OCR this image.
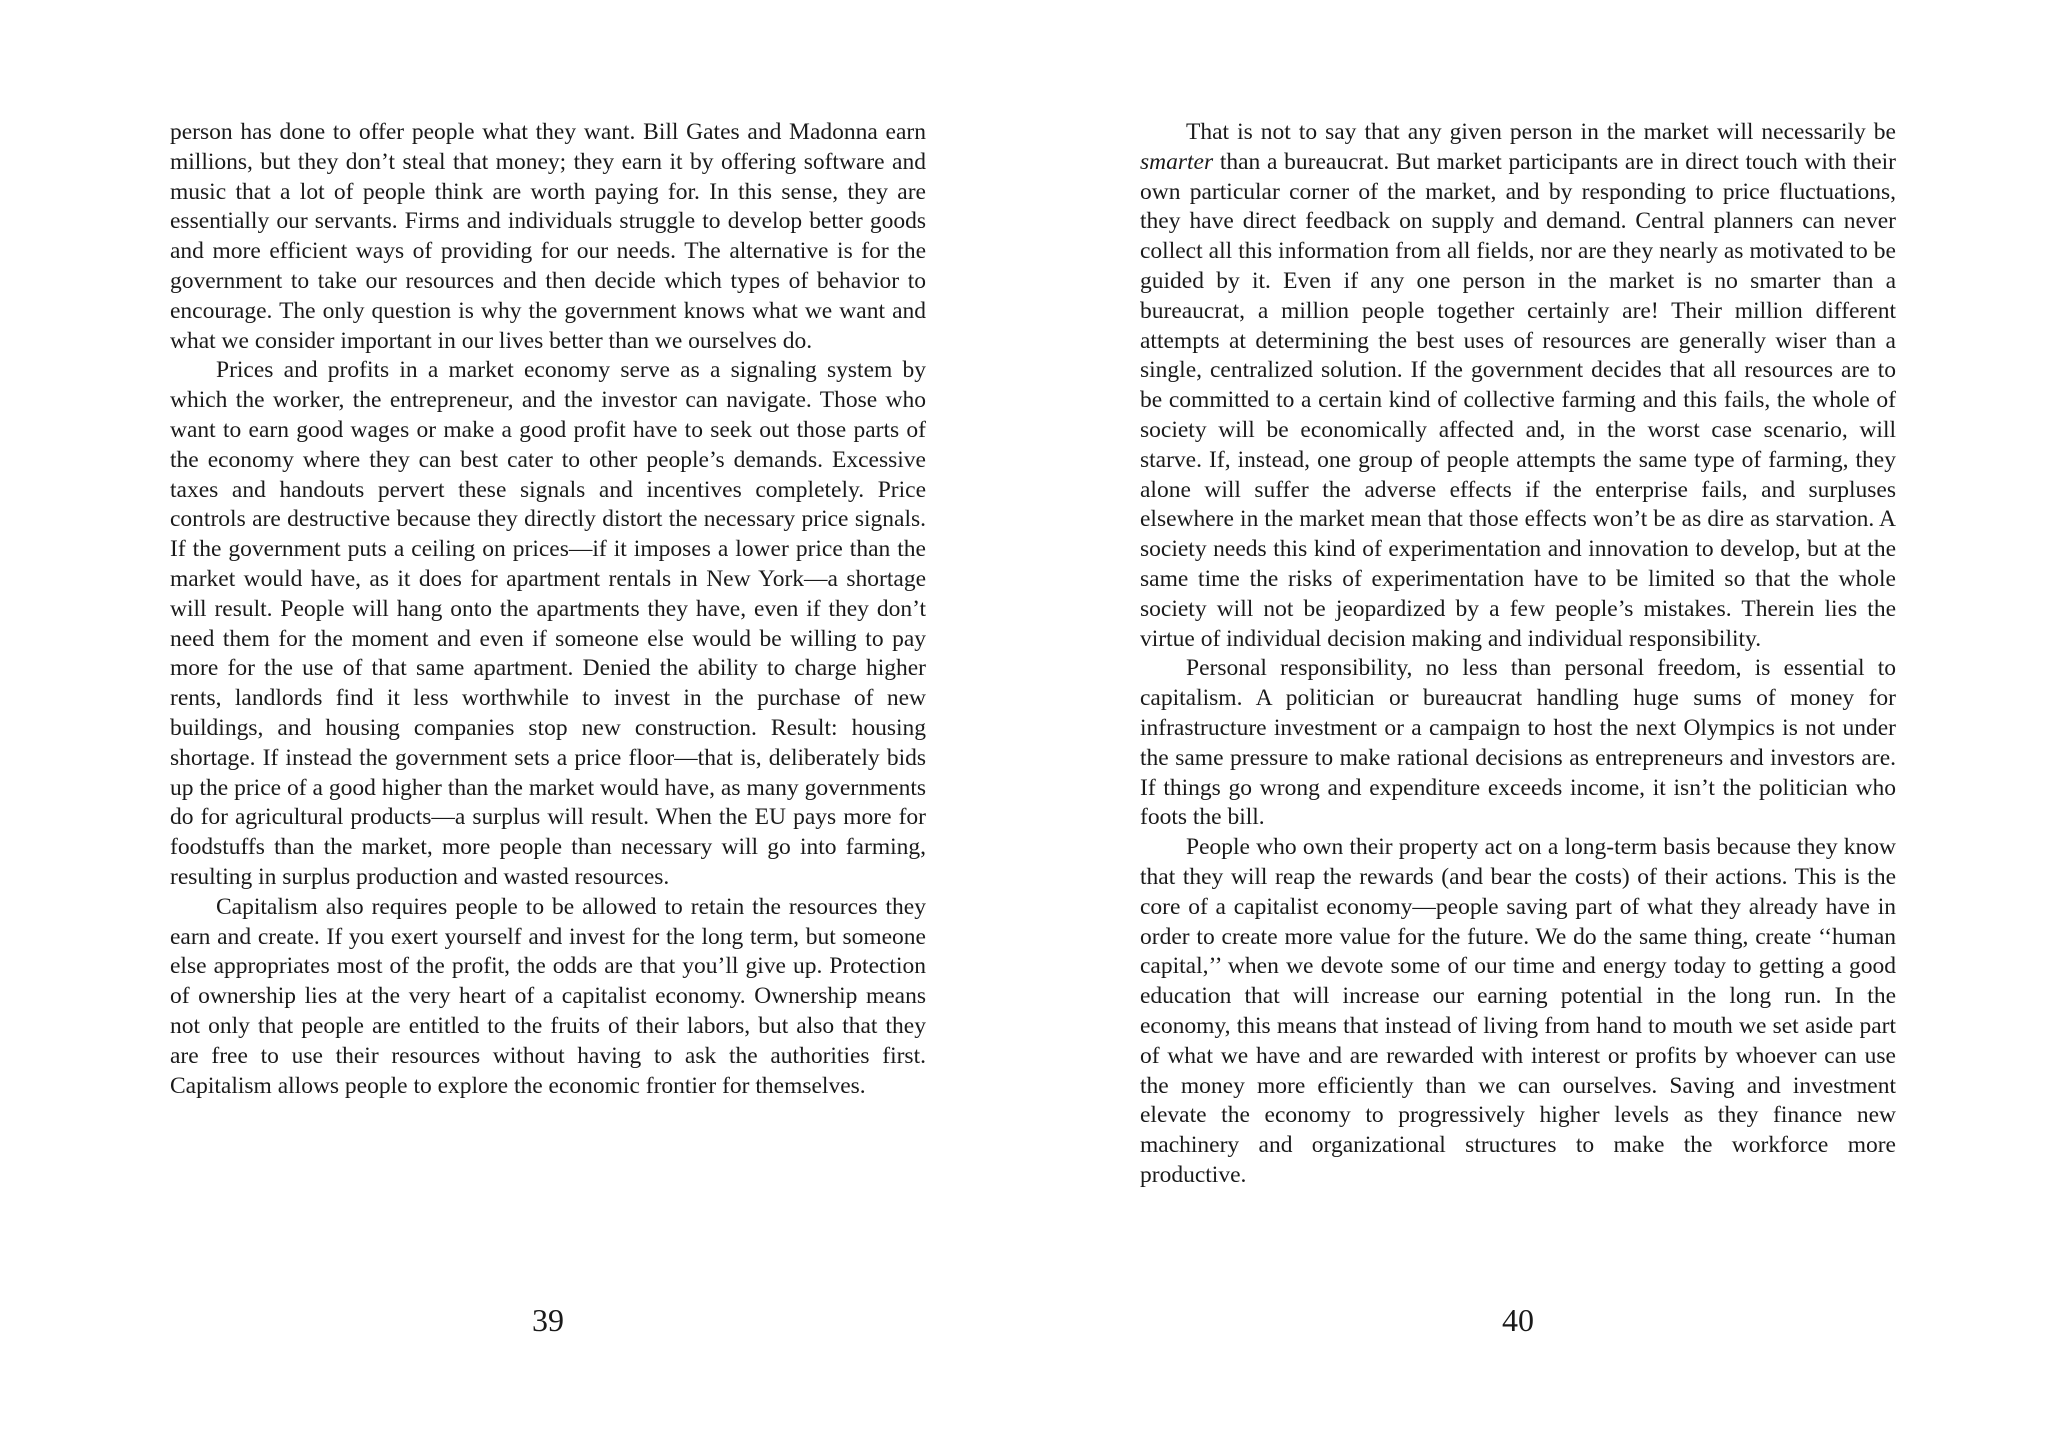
person has done to offer people what they want. Bill Gates and Madonna earn millions, but they don’t steal that money; they earn it by offering software and music that a lot of people think are worth paying for. In this sense, they are essentially our servants. Firms and individuals struggle to develop better goods and more efficient ways of providing for our needs. The alternative is for the government to take our resources and then decide which types of behavior to encourage. The only question is why the government knows what we want and what we consider important in our lives better than we ourselves do.

Prices and profits in a market economy serve as a signaling system by which the worker, the entrepreneur, and the investor can navigate. Those who want to earn good wages or make a good profit have to seek out those parts of the economy where they can best cater to other people’s demands. Excessive taxes and handouts pervert these signals and incentives completely. Price controls are destructive because they directly distort the necessary price signals. If the government puts a ceiling on prices—if it imposes a lower price than the market would have, as it does for apartment rentals in New York—a shortage will result. People will hang onto the apartments they have, even if they don’t need them for the moment and even if someone else would be willing to pay more for the use of that same apartment. Denied the ability to charge higher rents, landlords find it less worthwhile to invest in the purchase of new buildings, and housing companies stop new construction. Result: housing shortage. If instead the government sets a price floor—that is, deliberately bids up the price of a good higher than the market would have, as many governments do for agricultural products—a surplus will result. When the EU pays more for foodstuffs than the market, more people than necessary will go into farming, resulting in surplus production and wasted resources.

Capitalism also requires people to be allowed to retain the resources they earn and create. If you exert yourself and invest for the long term, but someone else appropriates most of the profit, the odds are that you’ll give up. Protection of ownership lies at the very heart of a capitalist economy. Ownership means not only that people are entitled to the fruits of their labors, but also that they are free to use their resources without having to ask the authorities first. Capitalism allows people to explore the economic frontier for themselves.

That is not to say that any given person in the market will necessarily be smarter than a bureaucrat. But market participants are in direct touch with their own particular corner of the market, and by responding to price fluctuations, they have direct feedback on supply and demand. Central planners can never collect all this information from all fields, nor are they nearly as motivated to be guided by it. Even if any one person in the market is no smarter than a bureaucrat, a million people together certainly are! Their million different attempts at determining the best uses of resources are generally wiser than a single, centralized solution. If the government decides that all resources are to be committed to a certain kind of collective farming and this fails, the whole of society will be economically affected and, in the worst case scenario, will starve. If, instead, one group of people attempts the same type of farming, they alone will suffer the adverse effects if the enterprise fails, and surpluses elsewhere in the market mean that those effects won’t be as dire as starvation. A society needs this kind of experimentation and innovation to develop, but at the same time the risks of experimentation have to be limited so that the whole society will not be jeopardized by a few people’s mistakes. Therein lies the virtue of individual decision making and individual responsibility.

Personal responsibility, no less than personal freedom, is essential to capitalism. A politician or bureaucrat handling huge sums of money for infrastructure investment or a campaign to host the next Olympics is not under the same pressure to make rational decisions as entrepreneurs and investors are. If things go wrong and expenditure exceeds income, it isn’t the politician who foots the bill.

People who own their property act on a long-term basis because they know that they will reap the rewards (and bear the costs) of their actions. This is the core of a capitalist economy—people saving part of what they already have in order to create more value for the future. We do the same thing, create ‘‘human capital,’’ when we devote some of our time and energy today to getting a good education that will increase our earning potential in the long run. In the economy, this means that instead of living from hand to mouth we set aside part of what we have and are rewarded with interest or profits by whoever can use the money more efficiently than we can ourselves. Saving and investment elevate the economy to progressively higher levels as they finance new machinery and organizational structures to make the workforce more productive.

39	40
